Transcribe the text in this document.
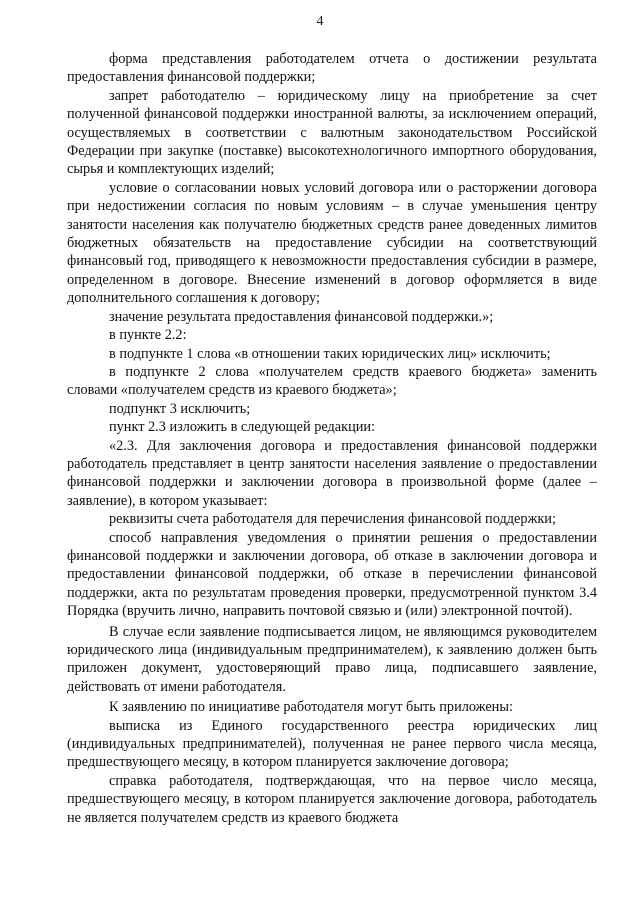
4

форма представления работодателем отчета о достижении результата предоставления финансовой поддержки;

запрет работодателю – юридическому лицу на приобретение за счет полученной финансовой поддержки иностранной валюты, за исключением операций, осуществляемых в соответствии с валютным законодательством Российской Федерации при закупке (поставке) высокотехнологичного импортного оборудования, сырья и комплектующих изделий;

условие о согласовании новых условий договора или о расторжении договора при недостижении согласия по новым условиям – в случае уменьшения центру занятости населения как получателю бюджетных средств ранее доведенных лимитов бюджетных обязательств на предоставление субсидии на соответствующий финансовый год, приводящего к невозможности предоставления субсидии в размере, определенном в договоре. Внесение изменений в договор оформляется в виде дополнительного соглашения к договору;

значение результата предоставления финансовой поддержки.»;

в пункте 2.2:

в подпункте 1 слова «в отношении таких юридических лиц» исключить;

в подпункте 2 слова «получателем средств краевого бюджета» заменить словами «получателем средств из краевого бюджета»;

подпункт 3 исключить;

пункт 2.3 изложить в следующей редакции:

«2.3. Для заключения договора и предоставления финансовой поддержки работодатель представляет в центр занятости населения заявление о предоставлении финансовой поддержки и заключении договора в произвольной форме (далее – заявление), в котором указывает:

реквизиты счета работодателя для перечисления финансовой поддержки;

способ направления уведомления о принятии решения о предоставлении финансовой поддержки и заключении договора, об отказе в заключении договора и предоставлении финансовой поддержки, об отказе в перечислении финансовой поддержки, акта по результатам проведения проверки, предусмотренной пунктом 3.4 Порядка (вручить лично, направить почтовой связью и (или) электронной почтой).

В случае если заявление подписывается лицом, не являющимся руководителем юридического лица (индивидуальным предпринимателем), к заявлению должен быть приложен документ, удостоверяющий право лица, подписавшего заявление, действовать от имени работодателя.

К заявлению по инициативе работодателя могут быть приложены:

выписка из Единого государственного реестра юридических лиц (индивидуальных предпринимателей), полученная не ранее первого числа месяца, предшествующего месяцу, в котором планируется заключение договора;

справка работодателя, подтверждающая, что на первое число месяца, предшествующего месяцу, в котором планируется заключение договора, работодатель не является получателем средств из краевого бюджета
